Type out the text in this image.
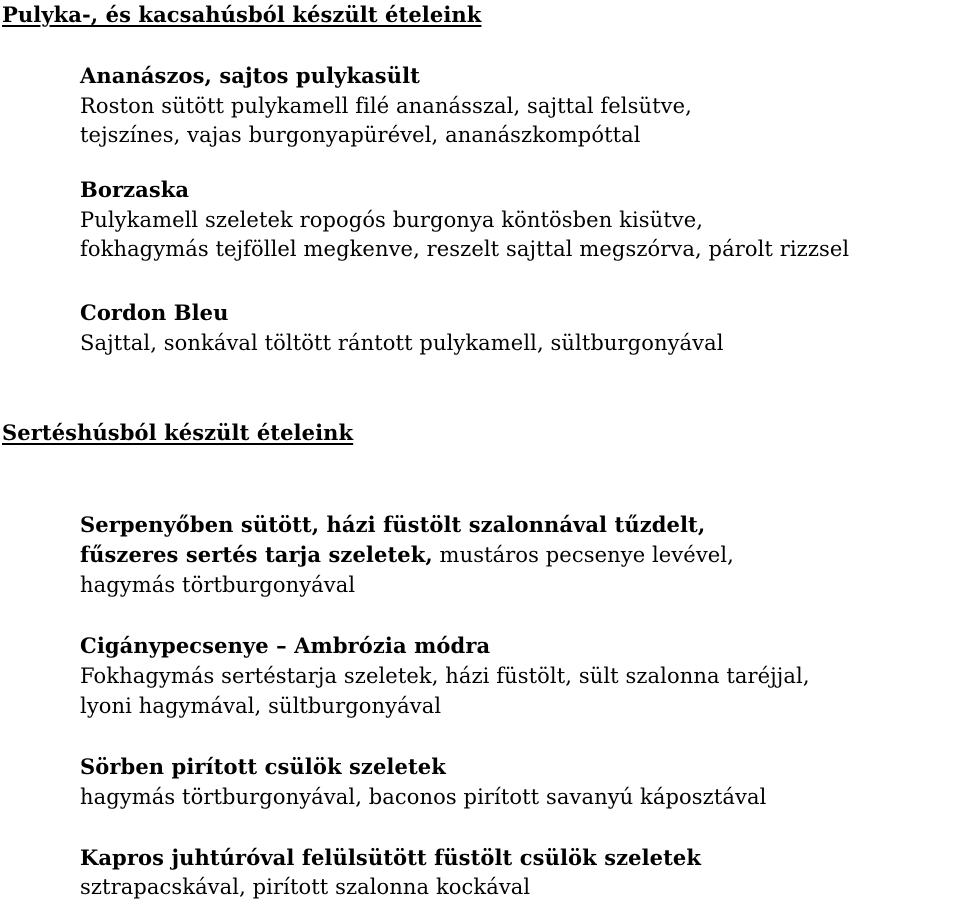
Pulyka-, és kacsahúsból készült ételeink
Ananászos, sajtos pulykasült
Roston sütött pulykamell filé ananásszal, sajttal felsütve,
tejszínes, vajas burgonyapürével, ananászkompóttal
Borzaska
Pulykamell szeletek ropogós burgonya köntösben kisütve,
fokhagymás tejföllel megkenve, reszelt sajttal megszórva, párolt rizzsel
Cordon Bleu
Sajttal, sonkával töltött rántott pulykamell, sültburgonyával
Sertéshúsból készült ételeink
Serpenyőben sütött, házi füstölt szalonnával tűzdelt,
fűszeres sertés tarja szeletek, mustáros pecsenye levével,
hagymás törtburgonyával
Cigánypecsenye – Ambrózia módra
Fokhagymás sertéstarja szeletek, házi füstölt, sült szalonna taréjjal,
lyoni hagymával, sültburgonyával
Sörben pirított csülök szeletek
hagymás törtburgonyával, baconos pirított savanyú káposztával
Kapros juhtúróval felülsütött füstölt csülök szeletek
sztrapacskával, pirított szalonna kockával
